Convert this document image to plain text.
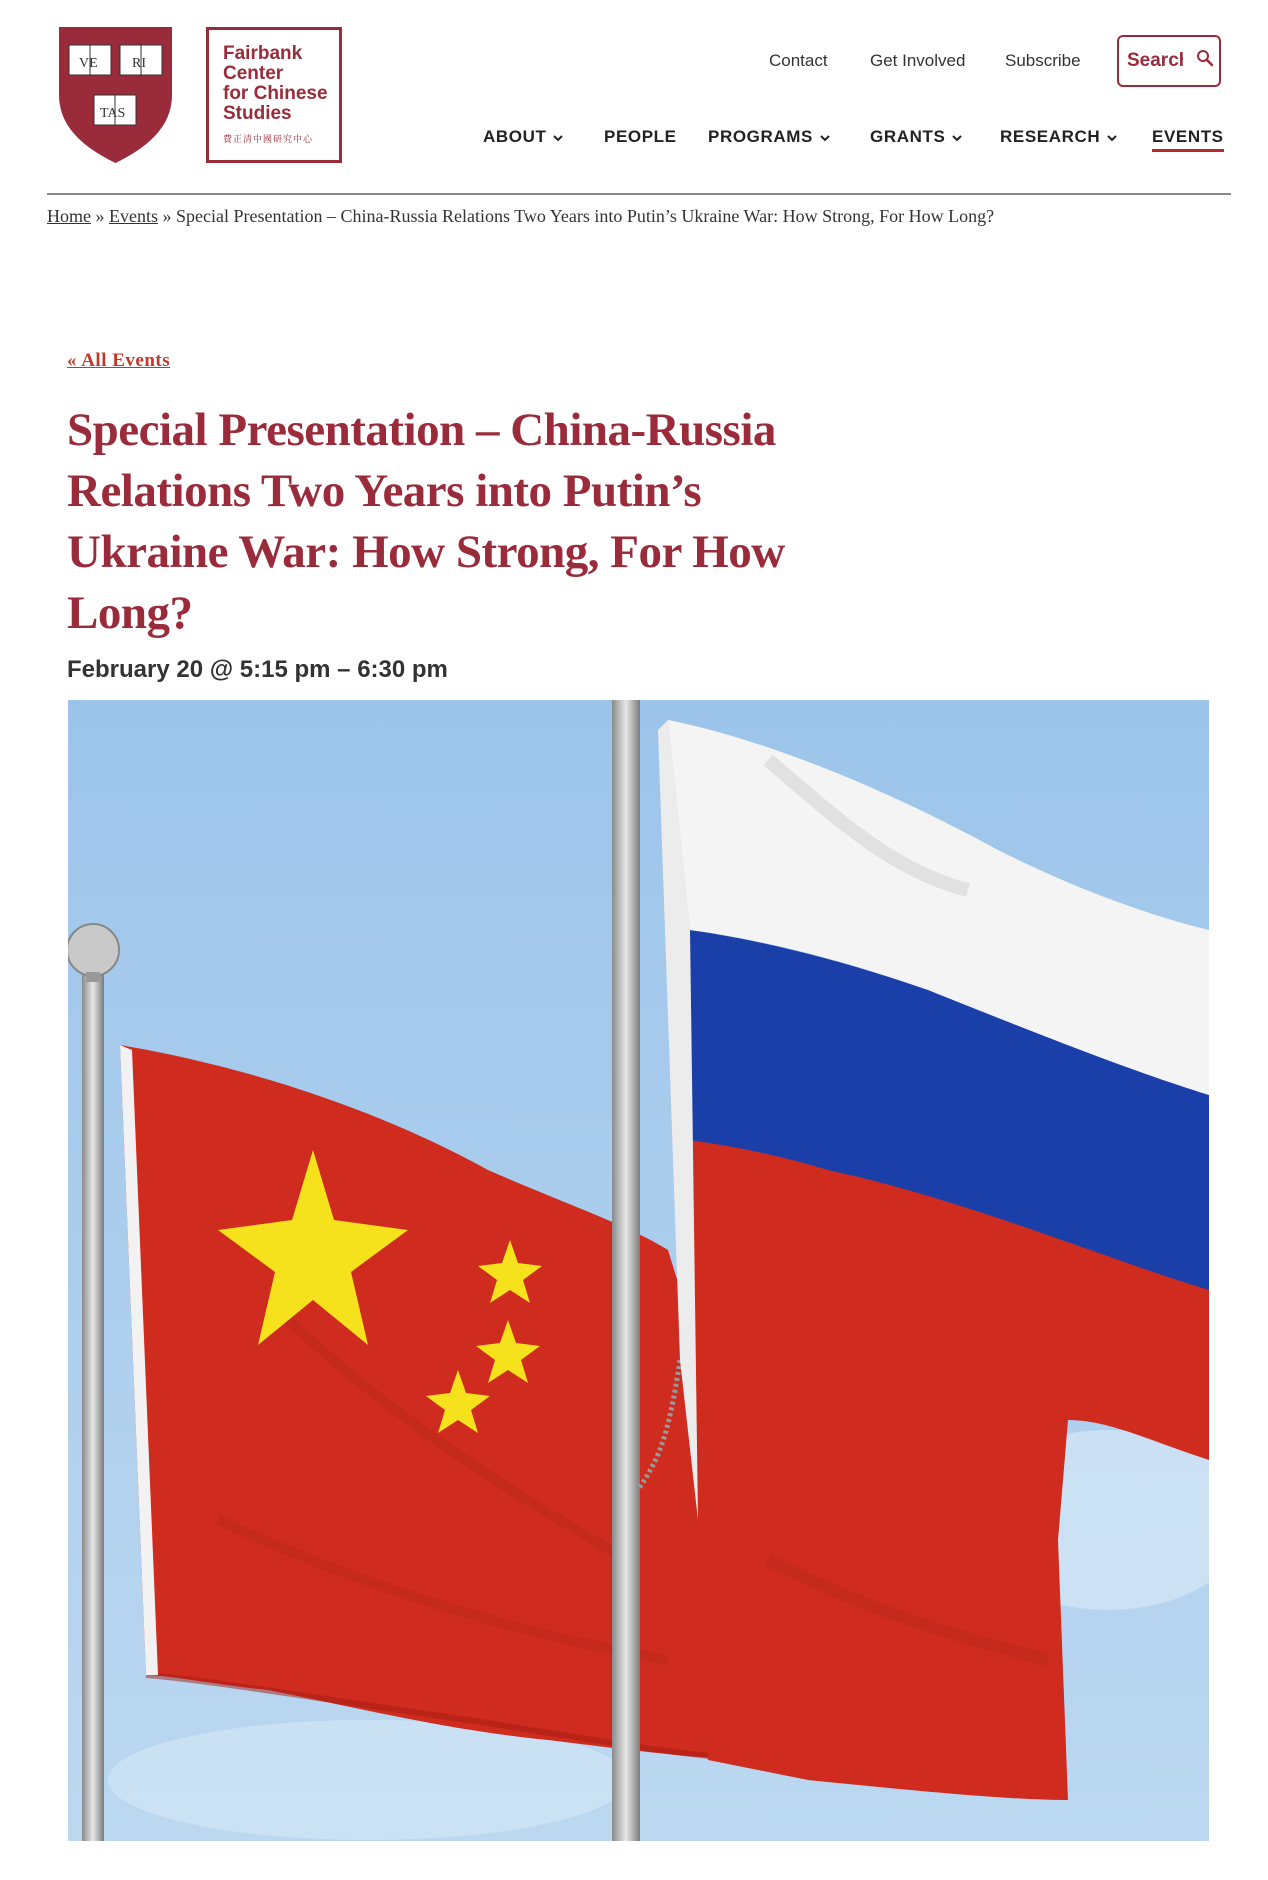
VE RI
TAS
Fairbank
Center
for Chinese
Studies
費正清中國研究中心
Contact Get Involved Subscribe
Search
ABOUT	PEOPLE PROGRAMS	GRANTS	RESEARCH	EVENTS
Home » Events » Special Presentation – China-Russia Relations Two Years into Putin’s Ukraine War: How Strong, For How Long?
« All Events
Special Presentation – China-Russia
Relations Two Years into Putin’s
Ukraine War: How Strong, For How
Long?
February 20 @ 5:15 pm – 6:30 pm
